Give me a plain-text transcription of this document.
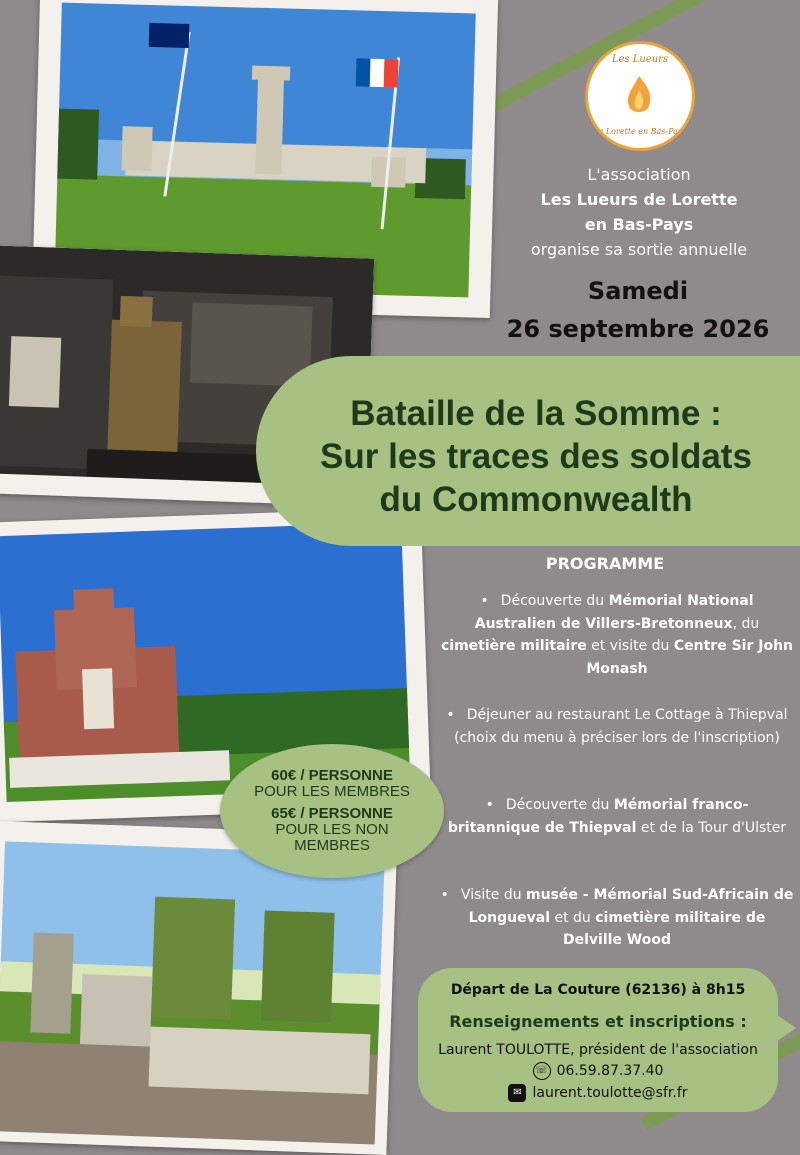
Les Lueurs
de Lorette en Bas-Pays
L'association
Les Lueurs de Lorette
en Bas-Pays
organise sa sortie annuelle
Samedi
26 septembre 2026
Bataille de la Somme :
Sur les traces des soldats
du Commonwealth
PROGRAMME
• Découverte du Mémorial National Australien de Villers-Bretonneux, du cimetière militaire et visite du Centre Sir John Monash
• Déjeuner au restaurant Le Cottage à Thiepval (choix du menu à préciser lors de l'inscription)
• Découverte du Mémorial franco-britannique de Thiepval et de la Tour d'Ulster
• Visite du musée - Mémorial Sud-Africain de Longueval et du cimetière militaire de Delville Wood
60€ / PERSONNE
POUR LES MEMBRES
65€ / PERSONNE
POUR LES NON
MEMBRES
Départ de La Couture (62136) à 8h15
Renseignements et inscriptions :
Laurent TOULOTTE, président de l'association
☏ 06.59.87.37.40
✉ laurent.toulotte@sfr.fr
